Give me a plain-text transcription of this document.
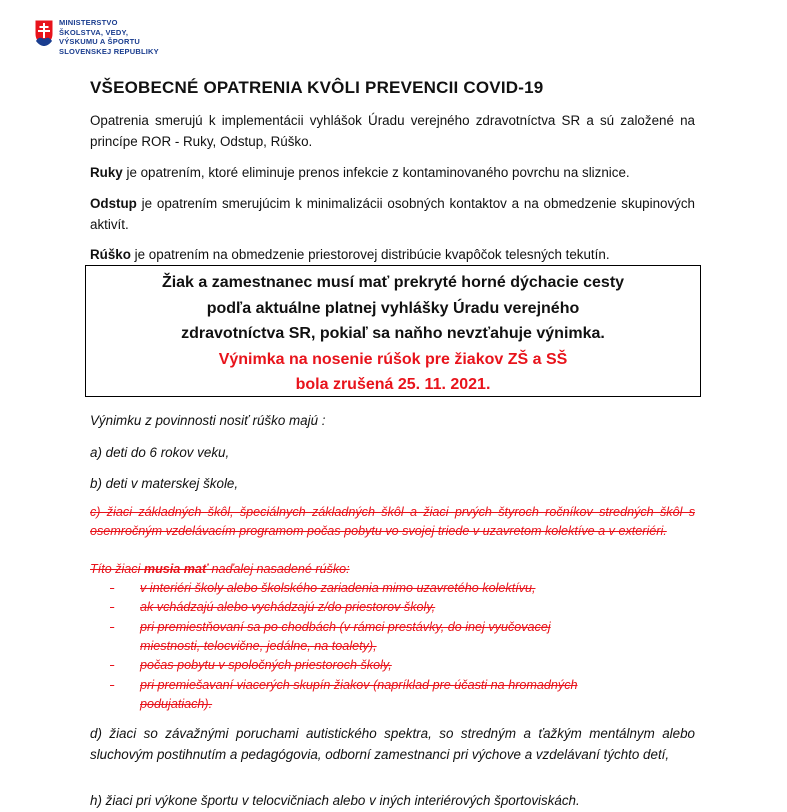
MINISTERSTVO
ŠKOLSTVA, VEDY,
VÝSKUMU A ŠPORTU
SLOVENSKEJ REPUBLIKY
VŠEOBECNÉ OPATRENIA KVÔLI PREVENCII COVID-19
Opatrenia smerujú k implementácii vyhlášok Úradu verejného zdravotníctva SR a sú založené na princípe ROR - Ruky, Odstup, Rúško.
Ruky je opatrením, ktoré eliminuje prenos infekcie z kontaminovaného povrchu na sliznice.
Odstup je opatrením smerujúcim k minimalizácii osobných kontaktov a na obmedzenie skupinových aktivít.
Rúško je opatrením na obmedzenie priestorovej distribúcie kvapôčok telesných tekutín.
Žiak a zamestnanec musí mať prekryté horné dýchacie cesty
podľa aktuálne platnej vyhlášky Úradu verejného
zdravotníctva SR, pokiaľ sa naňho nevzťahuje výnimka.
Výnimka na nosenie rúšok pre žiakov ZŠ a SŠ
bola zrušená 25. 11. 2021.
Výnimku z povinnosti nosiť rúško majú :
a) deti do 6 rokov veku,
b) deti v materskej škole,
c) žiaci základných škôl, špeciálnych základných škôl a žiaci prvých štyroch ročníkov stredných škôl s osemročným vzdelávacím programom počas pobytu vo svojej triede v uzavretom kolektíve a v exteriéri.
Títo žiaci musia mať naďalej nasadené rúško:
- v interiéri školy alebo školského zariadenia mimo uzavretého kolektívu,
- ak vchádzajú alebo vychádzajú z/do priestorov školy,
- pri premiestňovaní sa po chodbách (v rámci prestávky, do inej vyučovacej
miestnosti, telocvične, jedálne, na toalety),
- počas pobytu v spoločných priestoroch školy,
- pri premiešavaní viacerých skupín žiakov (napríklad pre účasti na hromadných
podujatiach).
d) žiaci so závažnými poruchami autistického spektra, so stredným a ťažkým mentálnym alebo sluchovým postihnutím a pedagógovia, odborní zamestnanci pri výchove a vzdelávaní týchto detí,
h) žiaci pri výkone športu v telocvičniach alebo v iných interiérových športoviskách.
